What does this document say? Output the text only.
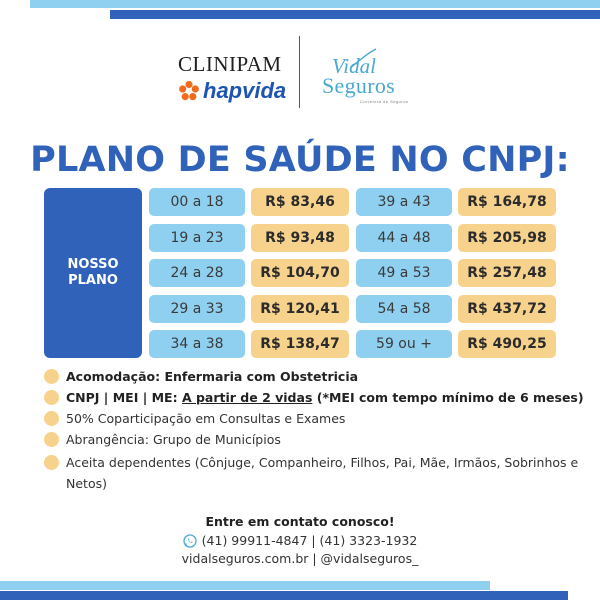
CLINIPAM
hapvida
Vidal
Seguros
Corretora de Seguros
PLANO DE SAÚDE NO CNPJ:
NOSSO
PLANO
00 a 18	R$ 83,46	39 a 43	R$ 164,78
19 a 23	R$ 93,48	44 a 48	R$ 205,98
24 a 28	R$ 104,70	49 a 53	R$ 257,48
29 a 33	R$ 120,41	54 a 58	R$ 437,72
34 a 38	R$ 138,47	59 ou +	R$ 490,25
Acomodação: Enfermaria com Obstetricia
CNPJ | MEI | ME: A partir de 2 vidas (*MEI com tempo mínimo de 6 meses)
50% Coparticipação em Consultas e Exames
Abrangência: Grupo de Municípios
Aceita dependentes (Cônjuge, Companheiro, Filhos, Pai, Mãe, Irmãos, Sobrinhos e Netos)
Entre em contato conosco!
(41) 99911-4847 | (41) 3323-1932
vidalseguros.com.br | @vidalseguros_
